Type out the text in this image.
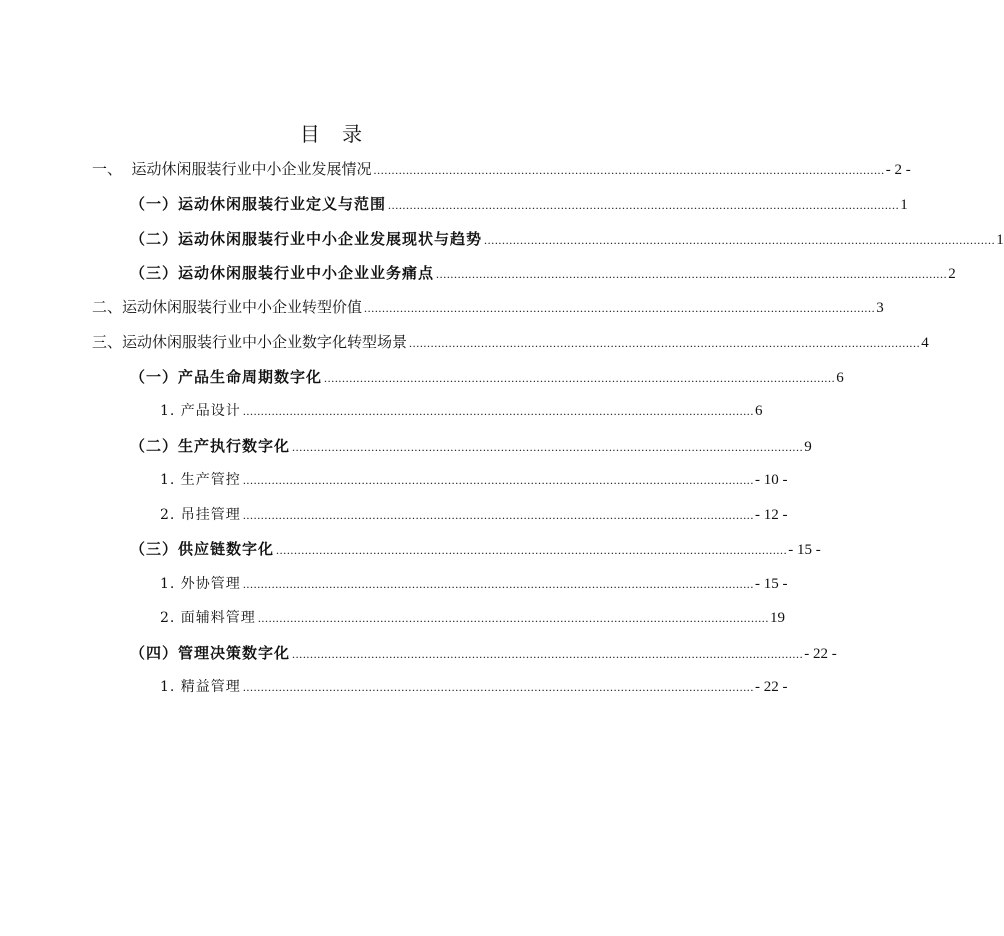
目 录
一、  运动休闲服装行业中小企业发展情况 .............................................................................................................................................. - 2 -
（一）运动休闲服装行业定义与范围 .............................................................................................................................................. 1
（二）运动休闲服装行业中小企业发展现状与趋势 .............................................................................................................................................. 1
（三）运动休闲服装行业中小企业业务痛点 .............................................................................................................................................. 2
二、运动休闲服装行业中小企业转型价值 .............................................................................................................................................. 3
三、运动休闲服装行业中小企业数字化转型场景 .............................................................................................................................................. 4
（一）产品生命周期数字化 .............................................................................................................................................. 6
1. 产品设计 .............................................................................................................................................. 6
（二）生产执行数字化 .............................................................................................................................................. 9
1. 生产管控 .............................................................................................................................................. - 10 -
2. 吊挂管理 .............................................................................................................................................. - 12 -
（三）供应链数字化 .............................................................................................................................................. - 15 -
1. 外协管理 .............................................................................................................................................. - 15 -
2. 面辅料管理 .............................................................................................................................................. 19
（四）管理决策数字化 .............................................................................................................................................. - 22 -
1. 精益管理 .............................................................................................................................................. - 22 -
